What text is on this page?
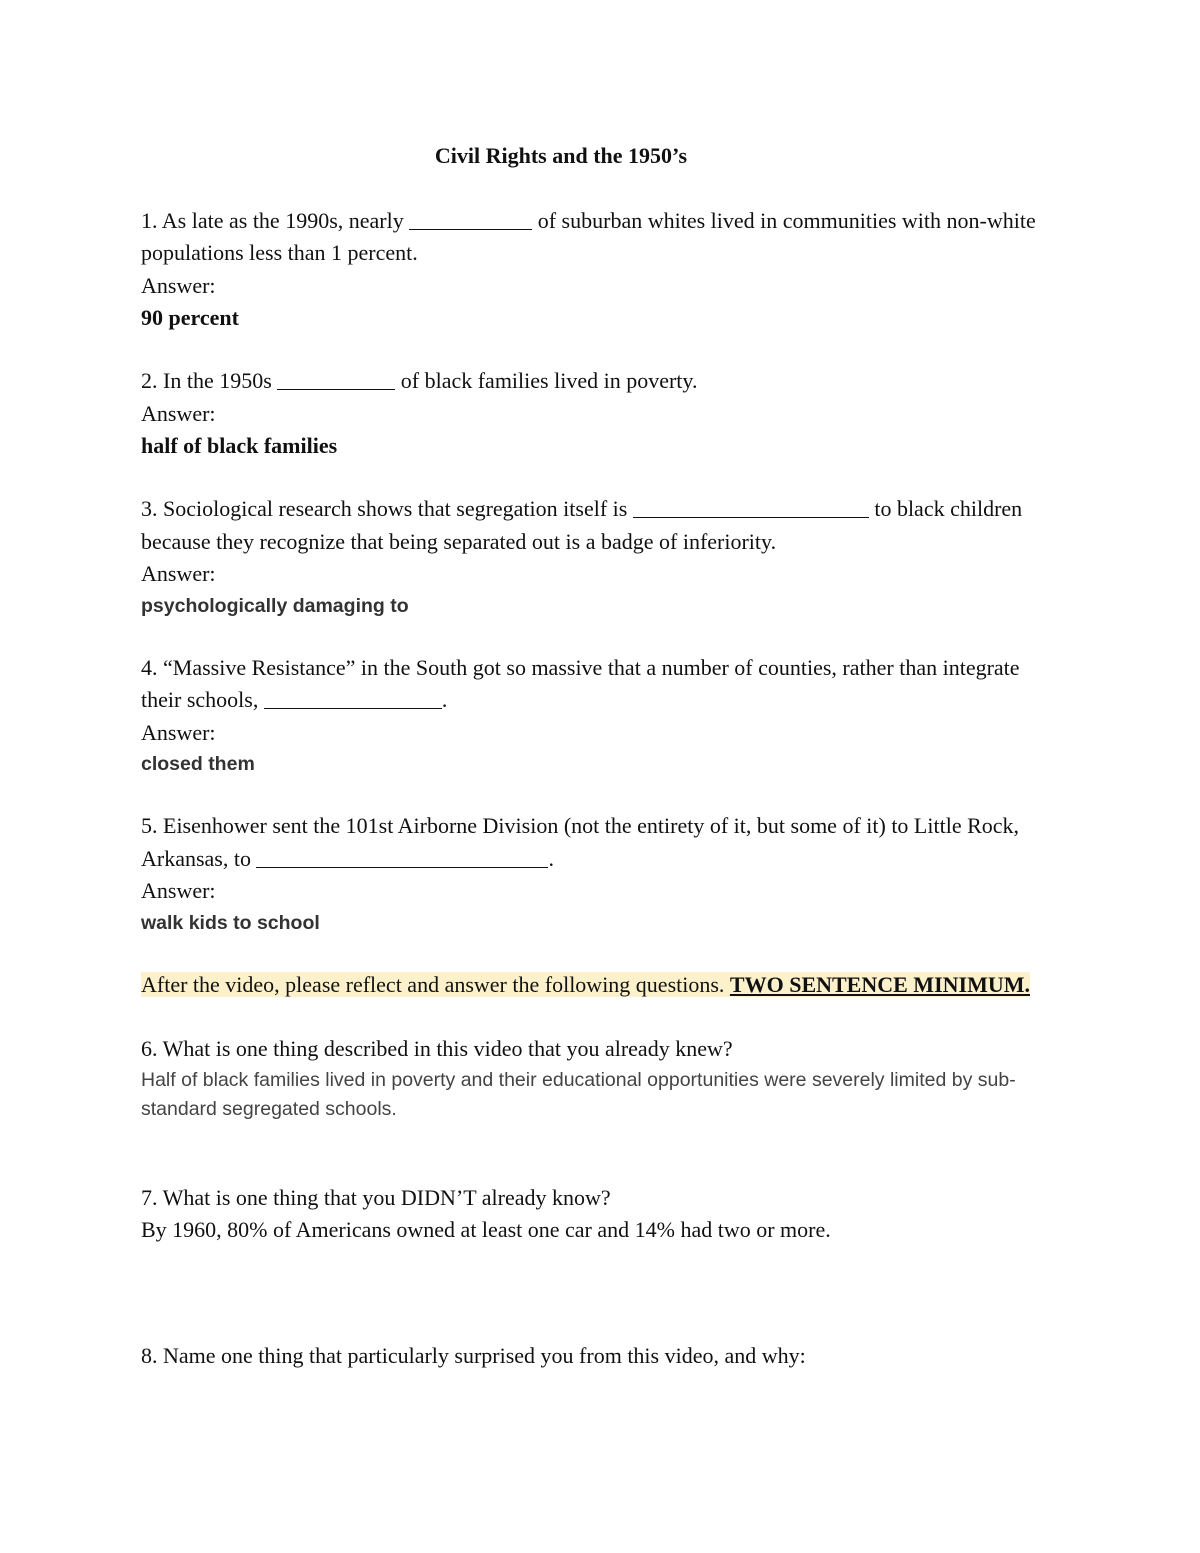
Civil Rights and the 1950’s

1. As late as the 1990s, nearly	of suburban whites lived in communities with non-white populations less than 1 percent.

Answer:

90 percent

2. In the 1950s	of black families lived in poverty.

Answer:

half of black families

3. Sociological research shows that segregation itself is	to black children because they recognize that being separated out is a badge of inferiority.

Answer:

psychologically damaging to

4. “Massive Resistance” in the South got so massive that a number of counties, rather than integrate their schools,	.

Answer:

closed them

5. Eisenhower sent the 101st Airborne Division (not the entirety of it, but some of it) to Little Rock, Arkansas, to	.

Answer:

walk kids to school

After the video, please reflect and answer the following questions. TWO SENTENCE MINIMUM.

6. What is one thing described in this video that you already knew?

Half of black families lived in poverty and their educational opportunities were severely limited by sub-standard segregated schools.

7. What is one thing that you DIDN’T already know?

By 1960, 80% of Americans owned at least one car and 14% had two or more.

8. Name one thing that particularly surprised you from this video, and why:
